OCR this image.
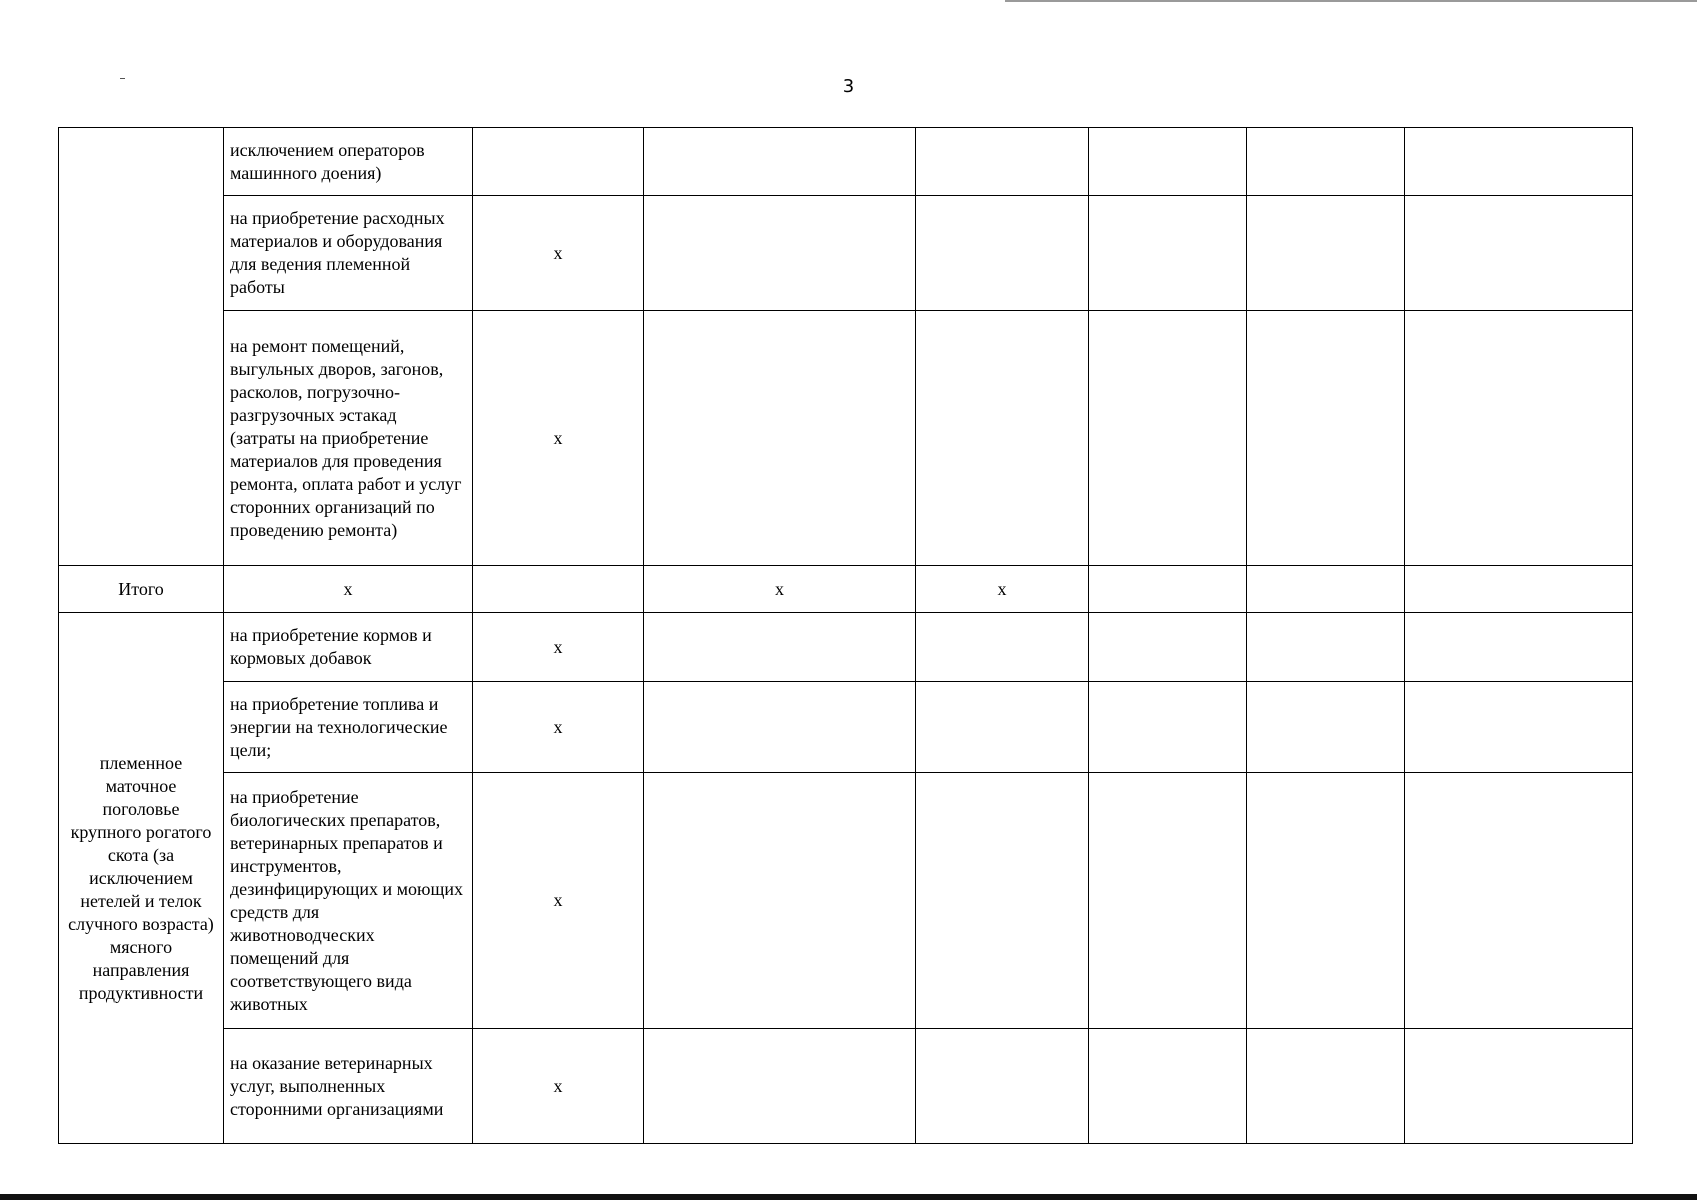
3
	исключением операторов машинного доения)						
	на приобретение расходных материалов и оборудования для ведения племенной работы	х					
	на ремонт помещений, выгульных дворов, загонов, расколов, погрузочно-разгрузочных эстакад (затраты на приобретение материалов для проведения ремонта, оплата работ и услуг сторонних организаций по проведению ремонта)	х					
Итого	х		х	х			
племенное маточное поголовье крупного рогатого скота (за исключением нетелей и телок случного возраста) мясного направления продуктивности	на приобретение кормов и кормовых добавок	х					
	на приобретение топлива и энергии на технологические цели;	х					
	на приобретение биологических препаратов, ветеринарных препаратов и инструментов, дезинфицирующих и моющих средств для животноводческих помещений для соответствующего вида животных	х					
	на оказание ветеринарных услуг, выполненных сторонними организациями	х					
